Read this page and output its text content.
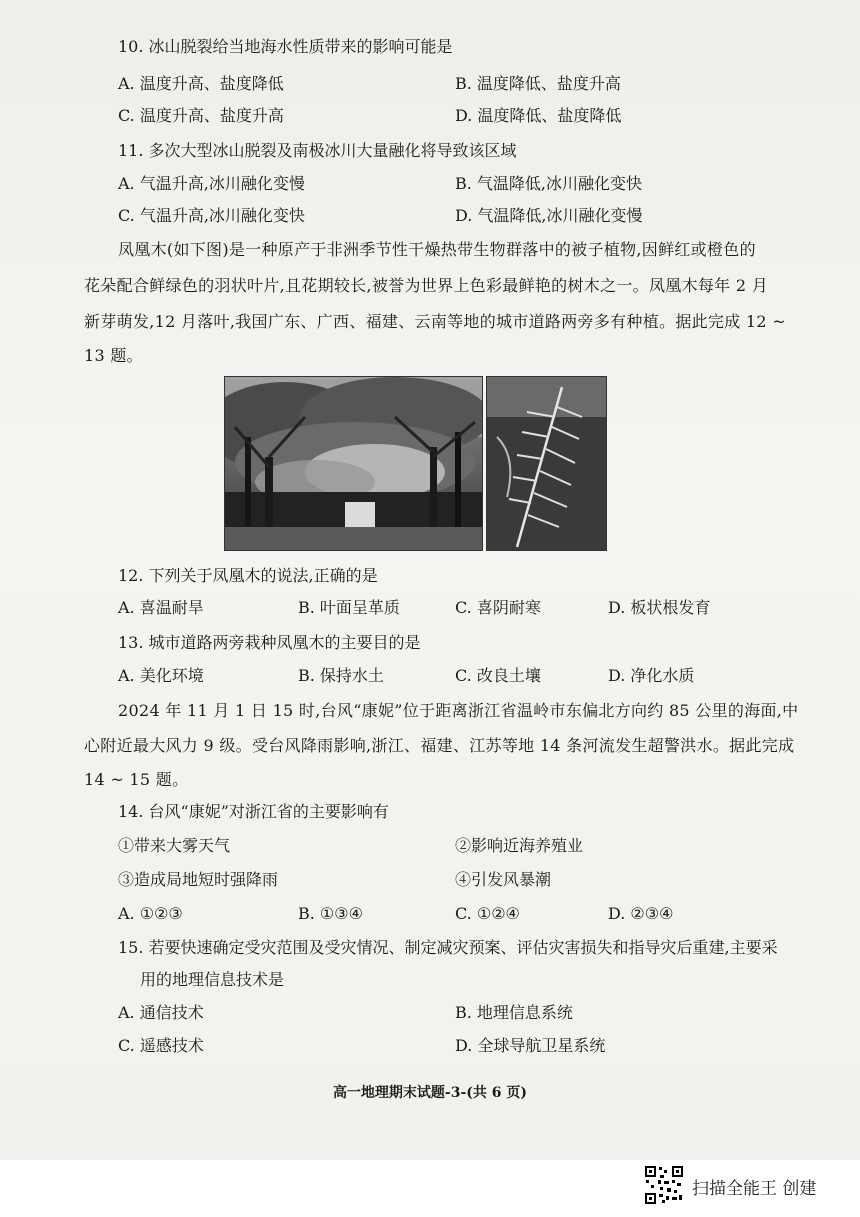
10. 冰山脱裂给当地海水性质带来的影响可能是
A. 温度升高、盐度降低	B. 温度降低、盐度升高
C. 温度升高、盐度升高	D. 温度降低、盐度降低
11. 多次大型冰山脱裂及南极冰川大量融化将导致该区域
A. 气温升高,冰川融化变慢	B. 气温降低,冰川融化变快
C. 气温升高,冰川融化变快	D. 气温降低,冰川融化变慢
凤凰木(如下图)是一种原产于非洲季节性干燥热带生物群落中的被子植物,因鲜红或橙色的
花朵配合鲜绿色的羽状叶片,且花期较长,被誉为世界上色彩最鲜艳的树木之一。凤凰木每年 2 月
新芽萌发,12 月落叶,我国广东、广西、福建、云南等地的城市道路两旁多有种植。据此完成 12 ~
13 题。
12. 下列关于凤凰木的说法,正确的是
A. 喜温耐旱	B. 叶面呈革质	C. 喜阴耐寒	D. 板状根发育
13. 城市道路两旁栽种凤凰木的主要目的是
A. 美化环境	B. 保持水土	C. 改良土壤	D. 净化水质
2024 年 11 月 1 日 15 时,台风“康妮”位于距离浙江省温岭市东偏北方向约 85 公里的海面,中
心附近最大风力 9 级。受台风降雨影响,浙江、福建、江苏等地 14 条河流发生超警洪水。据此完成
14 ~ 15 题。
14. 台风“康妮”对浙江省的主要影响有
①带来大雾天气	②影响近海养殖业
③造成局地短时强降雨	④引发风暴潮
A. ①②③	B. ①③④	C. ①②④	D. ②③④
15. 若要快速确定受灾范围及受灾情况、制定减灾预案、评估灾害损失和指导灾后重建,主要采
用的地理信息技术是
A. 通信技术	B. 地理信息系统
C. 遥感技术	D. 全球导航卫星系统
高一地理期末试题-3-(共 6 页)
扫描全能王 创建
